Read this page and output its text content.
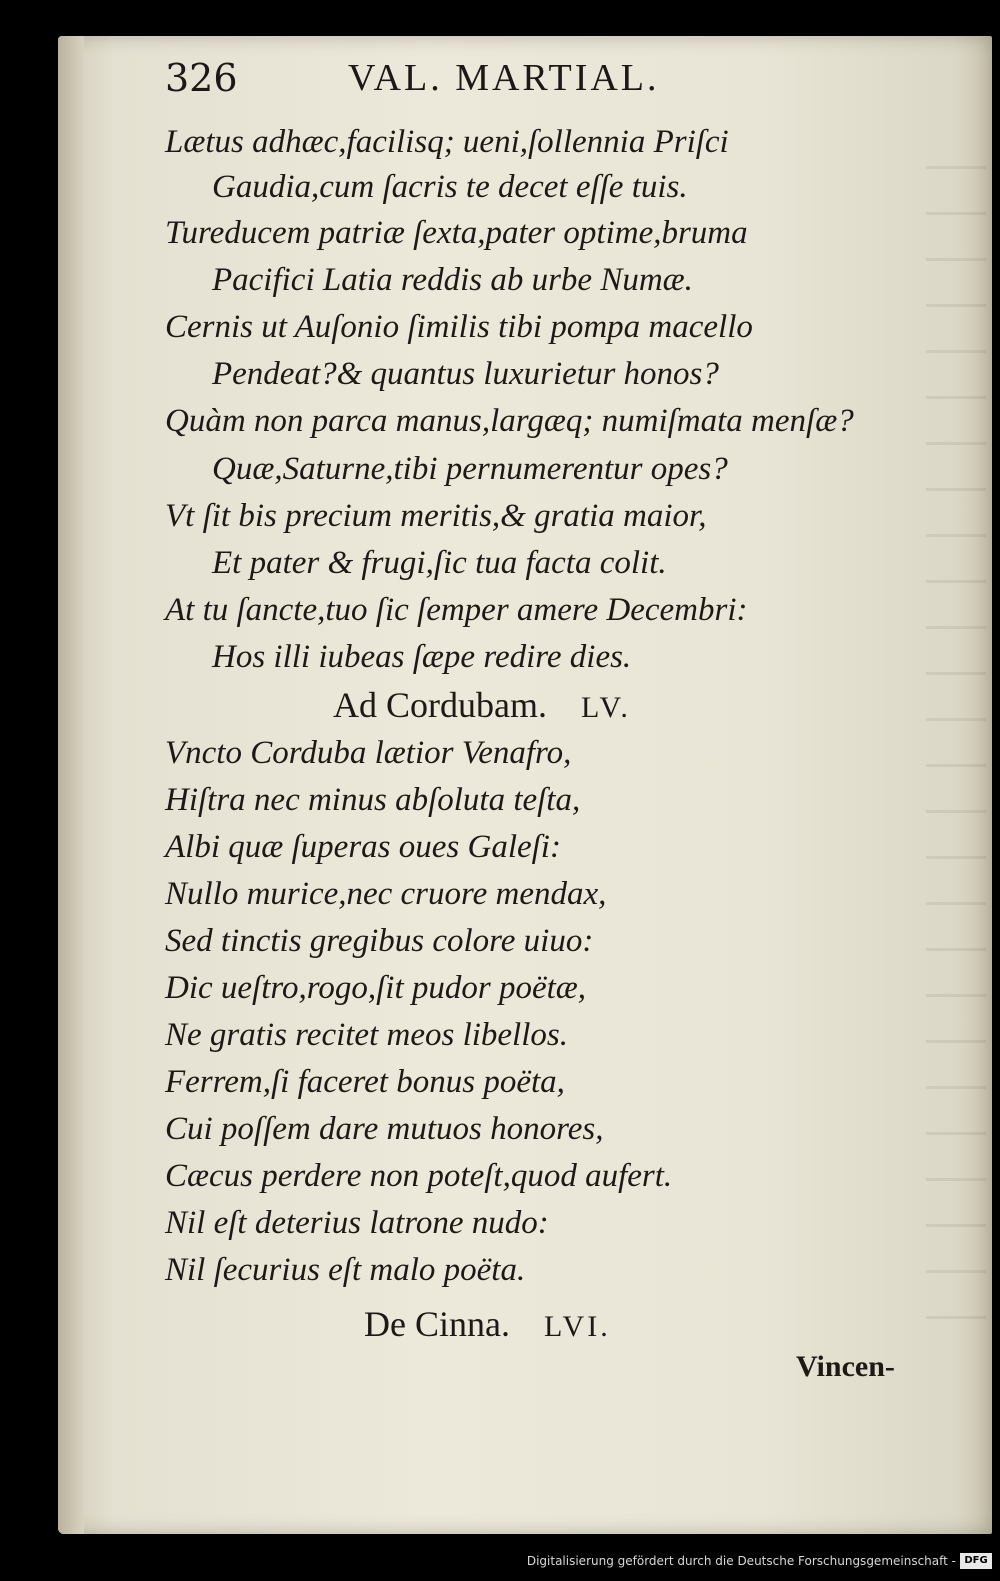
326	VAL. MARTIAL.
Lætus adhæc,facilisq; ueni,ſollennia Priſci
Gaudia,cum ſacris te decet eſſe tuis.
Tureducem patriæ ſexta,pater optime,bruma
Pacifici Latia reddis ab urbe Numæ.
Cernis ut Auſonio ſimilis tibi pompa macello
Pendeat?& quantus luxurietur honos?
Quàm non parca manus,largæq; numiſmata menſæ?
Quæ,Saturne,tibi pernumerentur opes?
Vt ſit bis precium meritis,& gratia maior,
Et pater & frugi,ſic tua facta colit.
At tu ſancte,tuo ſic ſemper amere Decembri:
Hos illi iubeas ſæpe redire dies.
Ad Cordubam. LV.
Vncto Corduba lætior Venafro,
Hiſtra nec minus abſoluta teſta,
Albi quæ ſuperas oues Galeſi:
Nullo murice,nec cruore mendax,
Sed tinctis gregibus colore uiuo:
Dic ueſtro,rogo,ſit pudor poëtæ,
Ne gratis recitet meos libellos.
Ferrem,ſi faceret bonus poëta,
Cui poſſem dare mutuos honores,
Cæcus perdere non poteſt,quod aufert.
Nil eſt deterius latrone nudo:
Nil ſecurius eſt malo poëta.
De Cinna. LVI.
Vincen-
Digitalisierung gefördert durch die Deutsche Forschungsgemeinschaft - DFG
